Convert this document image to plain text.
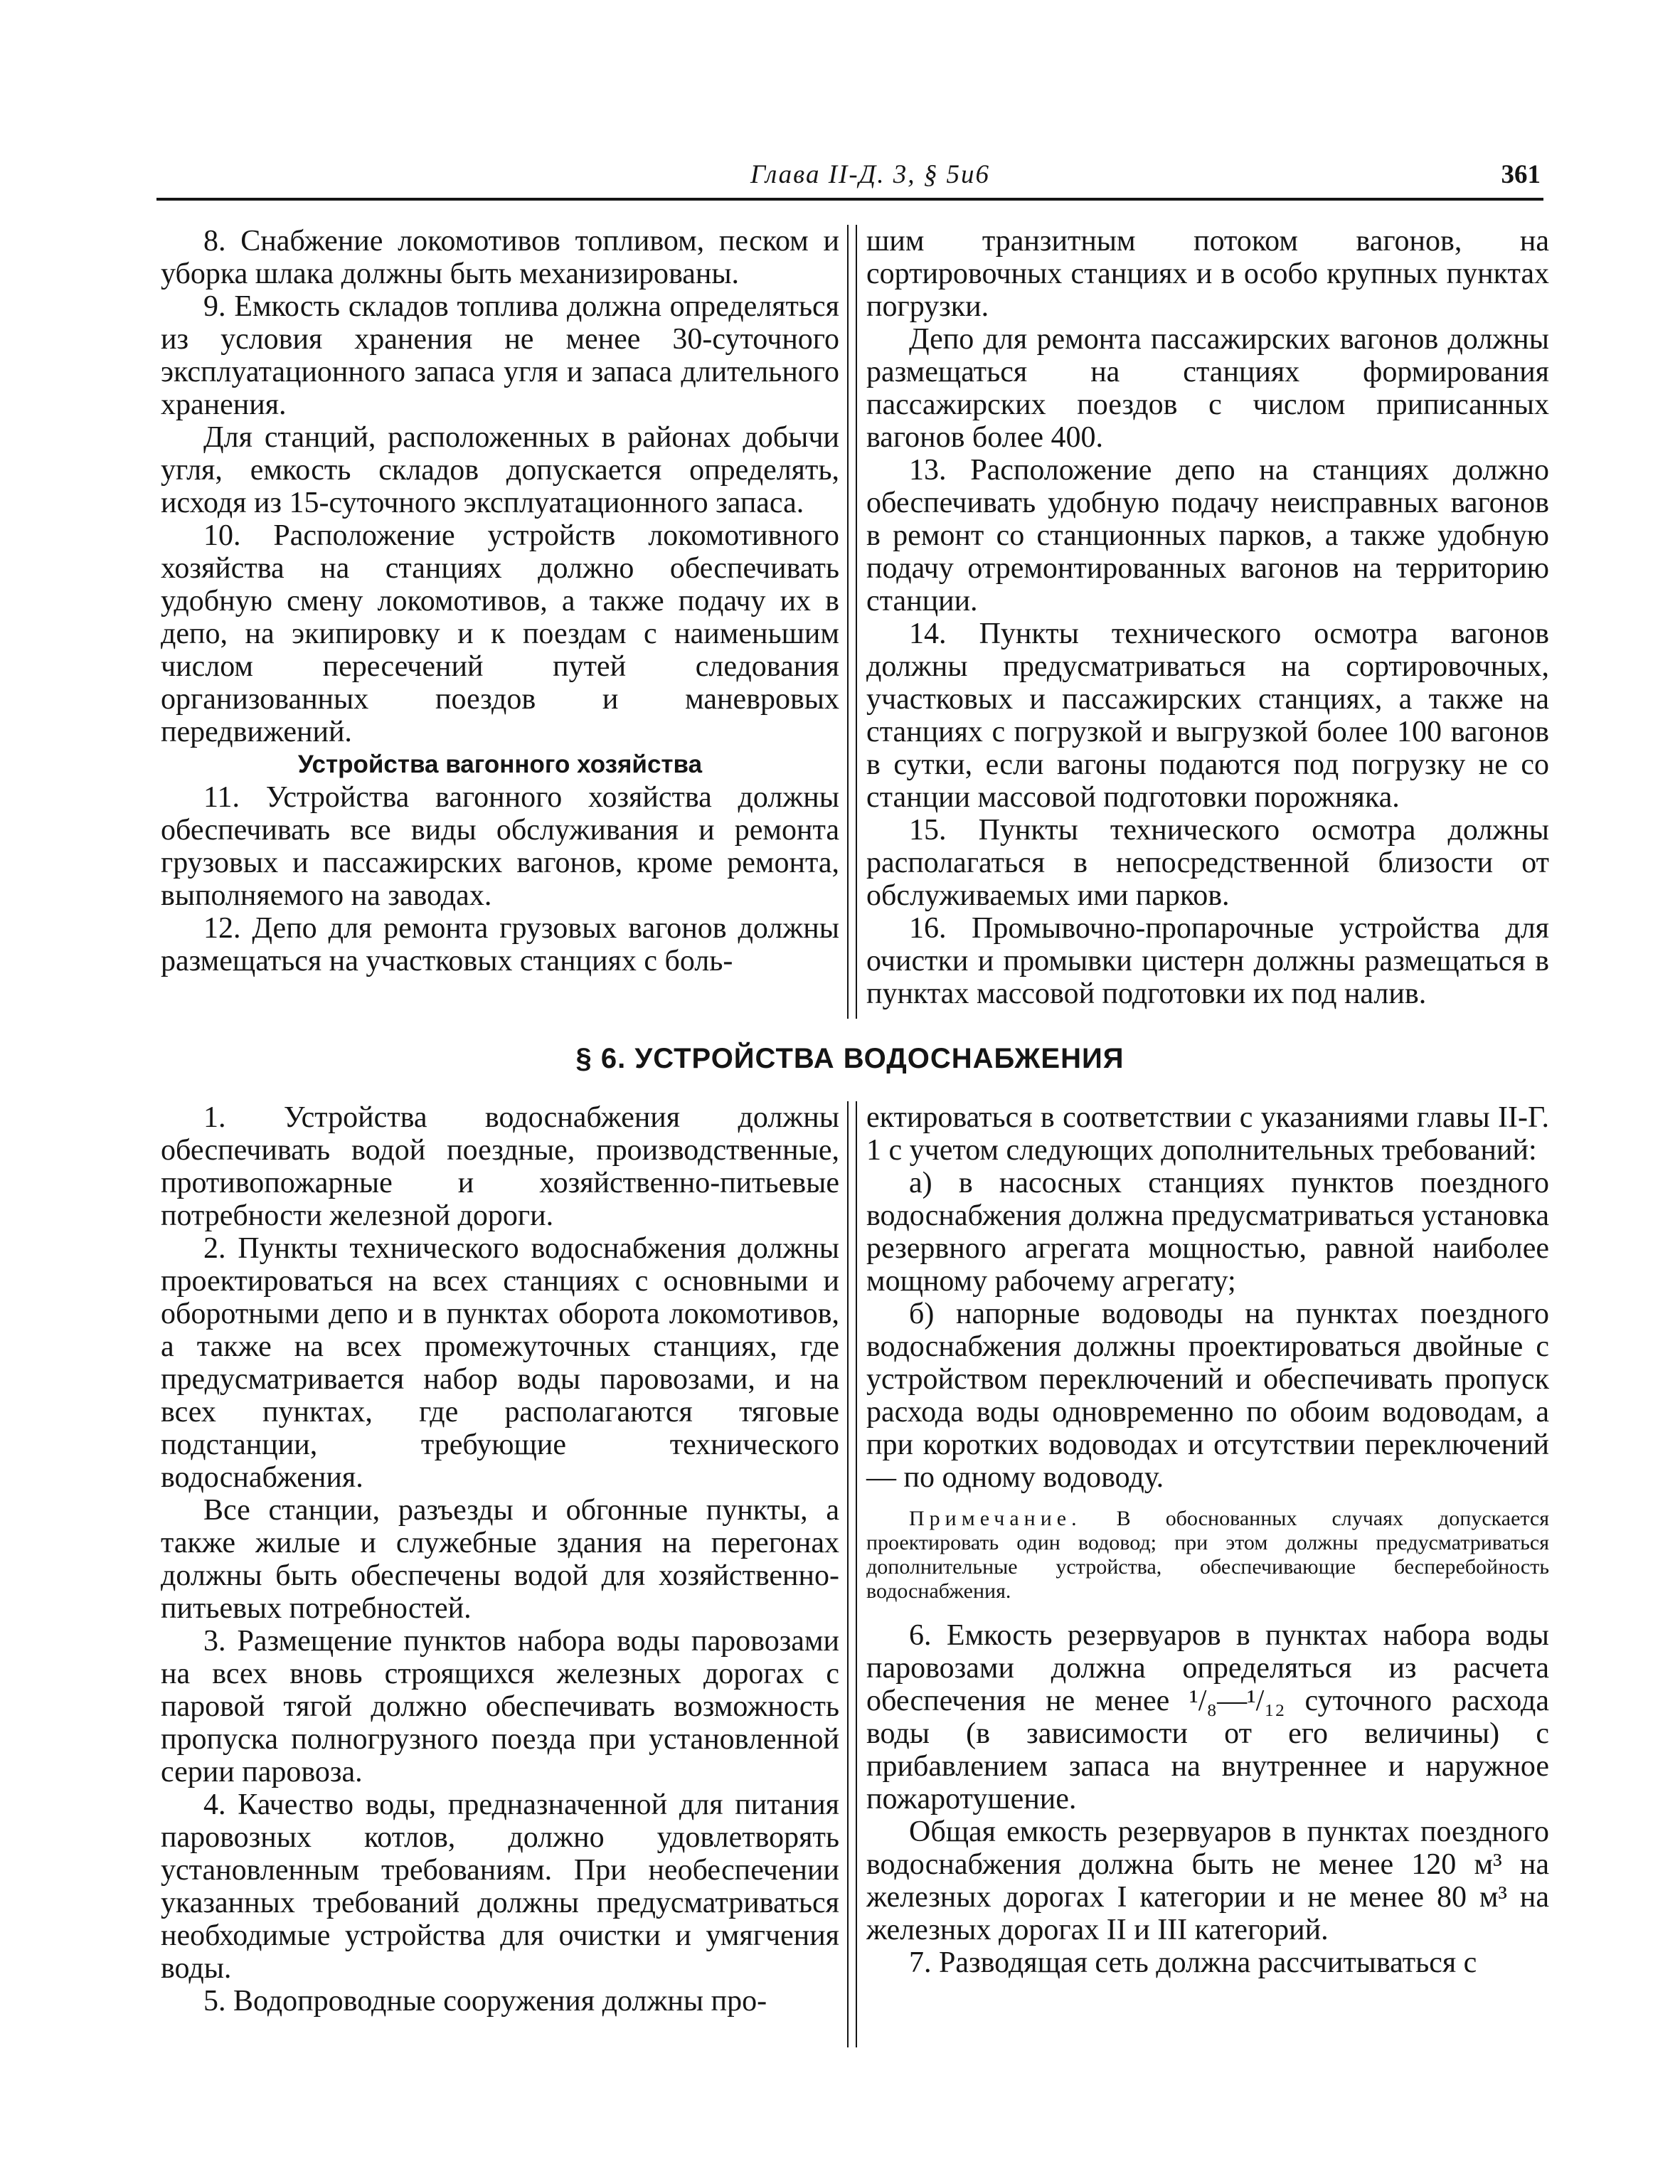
Глава II-Д. 3, § 5и6	361

8. Снабжение локомотивов топливом, песком и уборка шлака должны быть механизированы.

9. Емкость складов топлива должна определяться из условия хранения не менее 30-суточного эксплуатационного запаса угля и запаса длительного хранения.

Для станций, расположенных в районах добычи угля, емкость складов допускается определять, исходя из 15-суточного эксплуатационного запаса.

10. Расположение устройств локомотивного хозяйства на станциях должно обеспечивать удобную смену локомотивов, а также подачу их в депо, на экипировку и к поездам с наименьшим числом пересечений путей следования организованных поездов и маневровых передвижений.

Устройства вагонного хозяйства

11. Устройства вагонного хозяйства должны обеспечивать все виды обслуживания и ремонта грузовых и пассажирских вагонов, кроме ремонта, выполняемого на заводах.

12. Депо для ремонта грузовых вагонов должны размещаться на участковых станциях с боль-

шим транзитным потоком вагонов, на сортировочных станциях и в особо крупных пунктах погрузки.

Депо для ремонта пассажирских вагонов должны размещаться на станциях формирования пассажирских поездов с числом приписанных вагонов более 400.

13. Расположение депо на станциях должно обеспечивать удобную подачу неисправных вагонов в ремонт со станционных парков, а также удобную подачу отремонтированных вагонов на территорию станции.

14. Пункты технического осмотра вагонов должны предусматриваться на сортировочных, участковых и пассажирских станциях, а также на станциях с погрузкой и выгрузкой более 100 вагонов в сутки, если вагоны подаются под погрузку не со станции массовой подготовки порожняка.

15. Пункты технического осмотра должны располагаться в непосредственной близости от обслуживаемых ими парков.

16. Промывочно-пропарочные устройства для очистки и промывки цистерн должны размещаться в пунктах массовой подготовки их под налив.

§ 6. УСТРОЙСТВА ВОДОСНАБЖЕНИЯ

1. Устройства водоснабжения должны обеспечивать водой поездные, производственные, противопожарные и хозяйственно-питьевые потребности железной дороги.

2. Пункты технического водоснабжения должны проектироваться на всех станциях с основными и оборотными депо и в пунктах оборота локомотивов, а также на всех промежуточных станциях, где предусматривается набор воды паровозами, и на всех пунктах, где располагаются тяговые подстанции, требующие технического водоснабжения.

Все станции, разъезды и обгонные пункты, а также жилые и служебные здания на перегонах должны быть обеспечены водой для хозяйственно-питьевых потребностей.

3. Размещение пунктов набора воды паровозами на всех вновь строящихся железных дорогах с паровой тягой должно обеспечивать возможность пропуска полногрузного поезда при установленной серии паровоза.

4. Качество воды, предназначенной для питания паровозных котлов, должно удовлетворять установленным требованиям. При необеспечении указанных требований должны предусматриваться необходимые устройства для очистки и умягчения воды.

5. Водопроводные сооружения должны про-

ектироваться в соответствии с указаниями главы II-Г. 1 с учетом следующих дополнительных требований:

а) в насосных станциях пунктов поездного водоснабжения должна предусматриваться установка резервного агрегата мощностью, равной наиболее мощному рабочему агрегату;

б) напорные водоводы на пунктах поездного водоснабжения должны проектироваться двойные с устройством переключений и обеспечивать пропуск расхода воды одновременно по обоим водоводам, а при коротких водоводах и отсутствии переключений — по одному водоводу.

Примечание. В обоснованных случаях допускается проектировать один водовод; при этом должны предусматриваться дополнительные устройства, обеспечивающие бесперебойность водоснабжения.

6. Емкость резервуаров в пунктах набора воды паровозами должна определяться из расчета обеспечения не менее ¹/₈—¹/₁₂ суточного расхода воды (в зависимости от его величины) с прибавлением запаса на внутреннее и наружное пожаротушение.

Общая емкость резервуаров в пунктах поездного водоснабжения должна быть не менее 120 м³ на железных дорогах I категории и не менее 80 м³ на железных дорогах II и III категорий.

7. Разводящая сеть должна рассчитываться с
